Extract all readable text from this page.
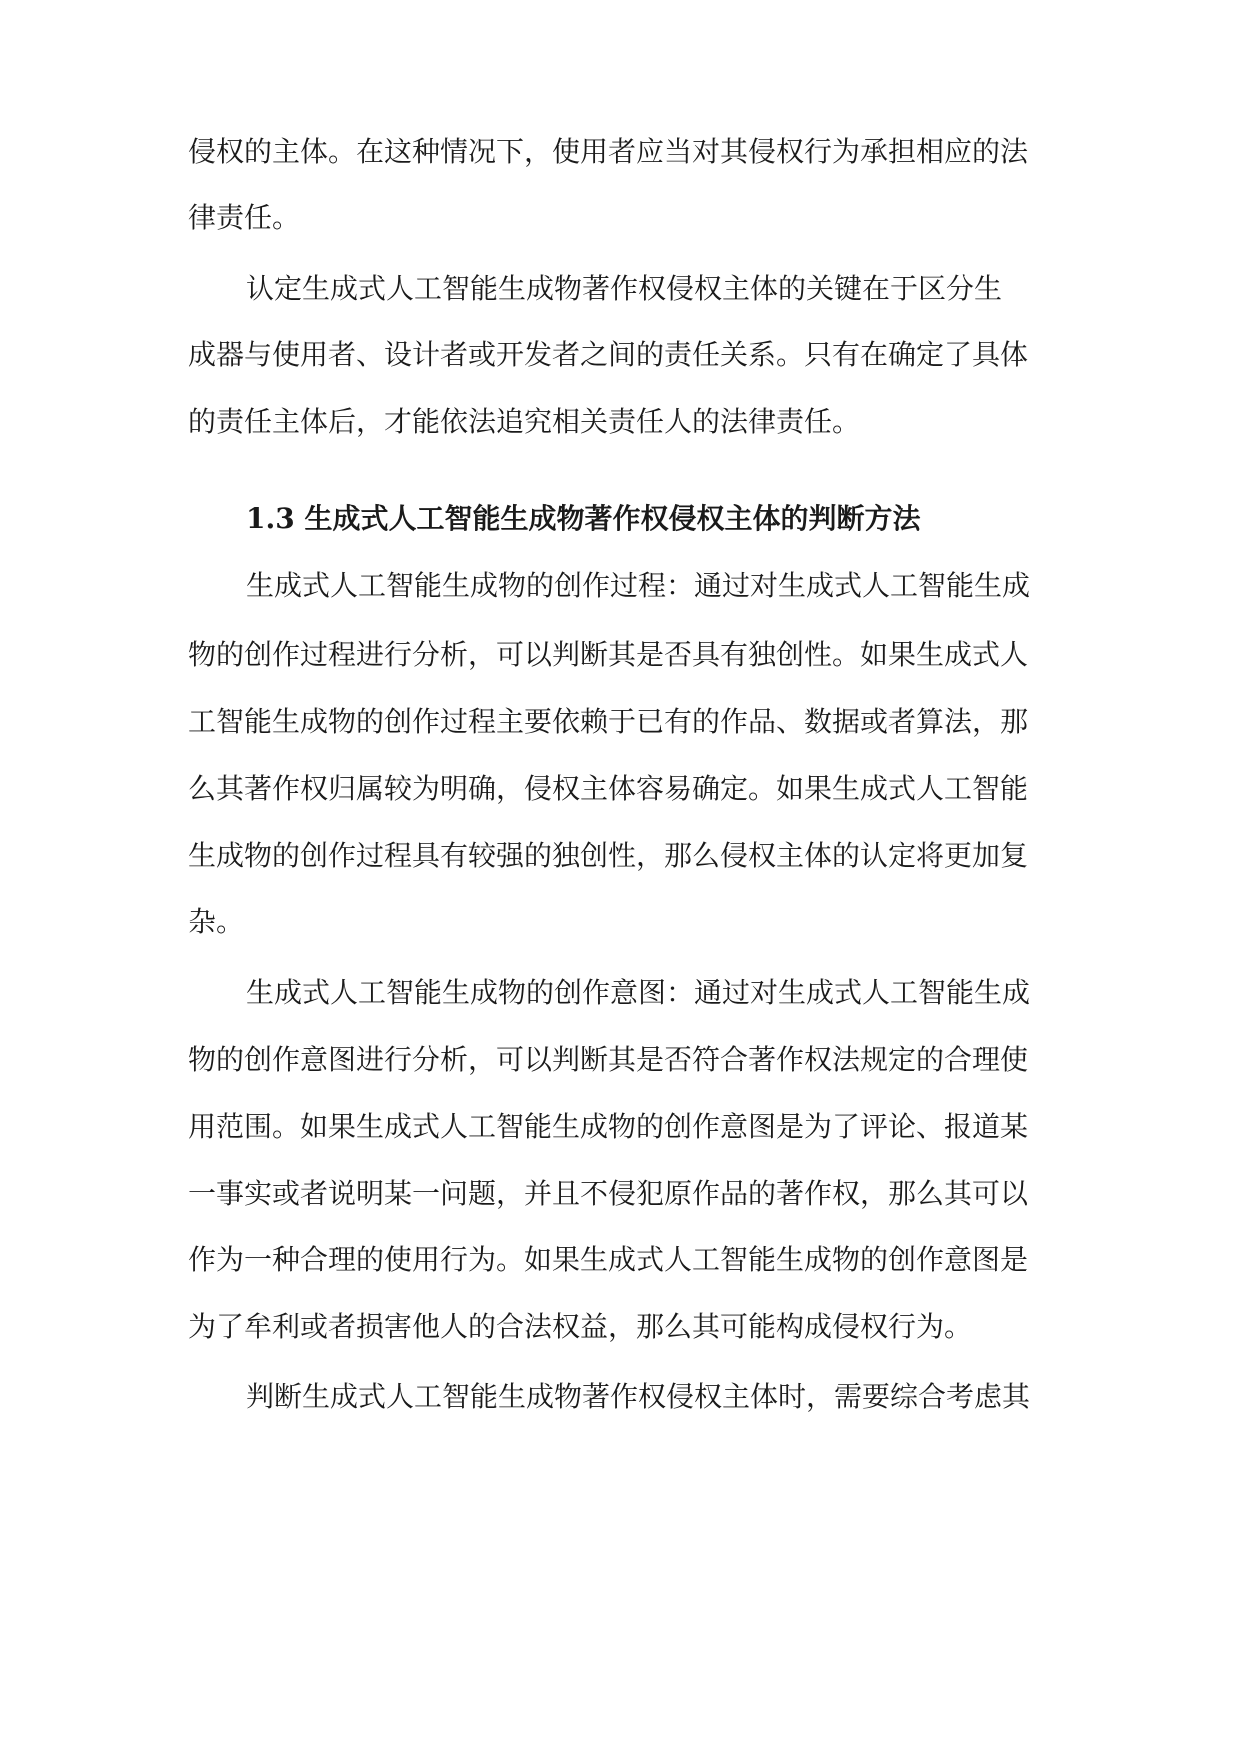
侵权的主体。在这种情况下，使用者应当对其侵权行为承担相应的法
律责任。
认定生成式人工智能生成物著作权侵权主体的关键在于区分生
成器与使用者、设计者或开发者之间的责任关系。只有在确定了具体
的责任主体后，才能依法追究相关责任人的法律责任。
1.3 生成式人工智能生成物著作权侵权主体的判断方法
生成式人工智能生成物的创作过程：通过对生成式人工智能生成
物的创作过程进行分析，可以判断其是否具有独创性。如果生成式人
工智能生成物的创作过程主要依赖于已有的作品、数据或者算法，那
么其著作权归属较为明确，侵权主体容易确定。如果生成式人工智能
生成物的创作过程具有较强的独创性，那么侵权主体的认定将更加复
杂。
生成式人工智能生成物的创作意图：通过对生成式人工智能生成
物的创作意图进行分析，可以判断其是否符合著作权法规定的合理使
用范围。如果生成式人工智能生成物的创作意图是为了评论、报道某
一事实或者说明某一问题，并且不侵犯原作品的著作权，那么其可以
作为一种合理的使用行为。如果生成式人工智能生成物的创作意图是
为了牟利或者损害他人的合法权益，那么其可能构成侵权行为。
判断生成式人工智能生成物著作权侵权主体时，需要综合考虑其
